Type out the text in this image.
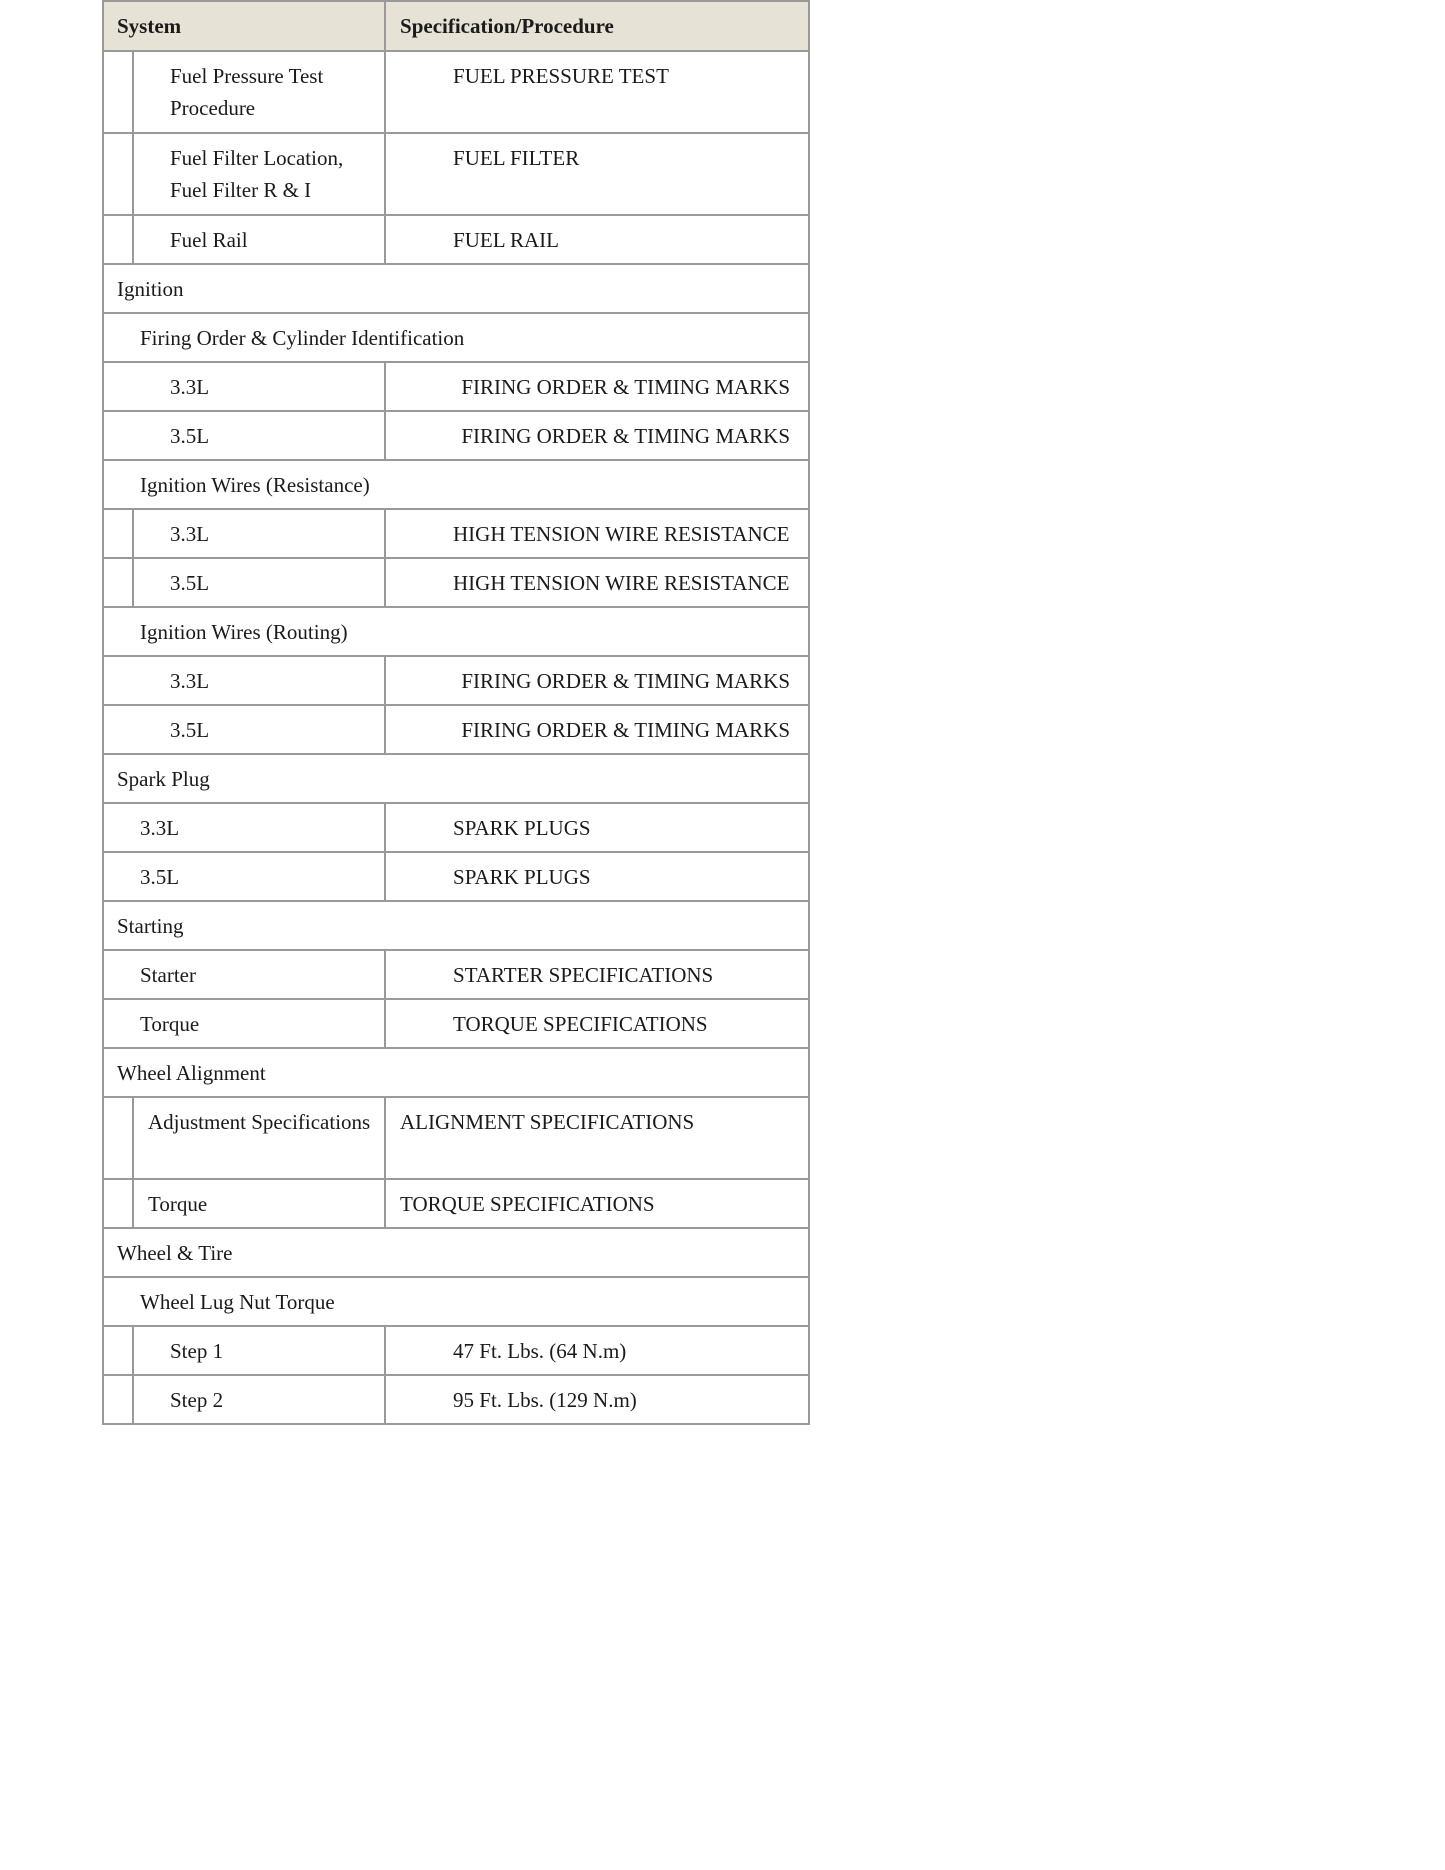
System		Specification/Procedure

	Fuel Pressure Test Procedure	FUEL PRESSURE TEST

	Fuel Filter Location, Fuel Filter R & I	FUEL FILTER

	Fuel Rail	FUEL RAIL
Ignition		
Firing Order & Cylinder Identification		
3.3L		FIRING ORDER & TIMING MARKS
3.5L		FIRING ORDER & TIMING MARKS
Ignition Wires (Resistance)		
	3.3L	HIGH TENSION WIRE RESISTANCE
	3.5L	HIGH TENSION WIRE RESISTANCE
Ignition Wires (Routing)		
3.3L		FIRING ORDER & TIMING MARKS
3.5L		FIRING ORDER & TIMING MARKS
Spark Plug		
3.3L		SPARK PLUGS
3.5L		SPARK PLUGS
Starting		
Starter		STARTER SPECIFICATIONS
Torque		TORQUE SPECIFICATIONS
Wheel Alignment		

	Adjustment Specifications	ALIGNMENT SPECIFICATIONS

	Torque	TORQUE SPECIFICATIONS
Wheel & Tire		
Wheel Lug Nut Torque		
	Step 1	47 Ft. Lbs. (64 N.m)
	Step 2	95 Ft. Lbs. (129 N.m)
